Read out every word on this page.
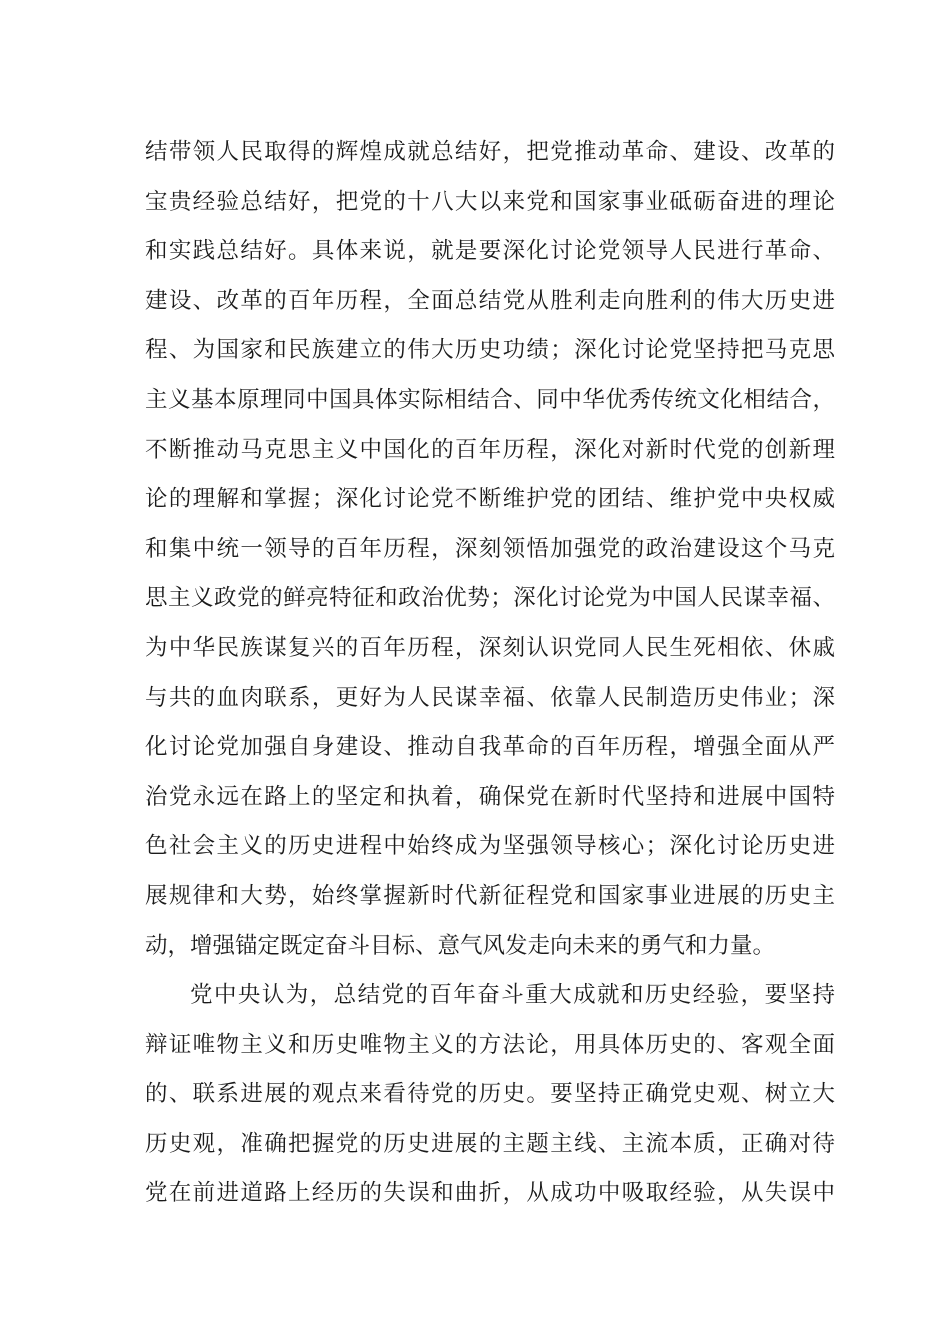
结带领人民取得的辉煌成就总结好，把党推动革命、建设、改革的
宝贵经验总结好，把党的十八大以来党和国家事业砥砺奋进的理论
和实践总结好。具体来说，就是要深化讨论党领导人民进行革命、
建设、改革的百年历程，全面总结党从胜利走向胜利的伟大历史进
程、为国家和民族建立的伟大历史功绩；深化讨论党坚持把马克思
主义基本原理同中国具体实际相结合、同中华优秀传统文化相结合，
不断推动马克思主义中国化的百年历程，深化对新时代党的创新理
论的理解和掌握；深化讨论党不断维护党的团结、维护党中央权威
和集中统一领导的百年历程，深刻领悟加强党的政治建设这个马克
思主义政党的鲜亮特征和政治优势；深化讨论党为中国人民谋幸福、
为中华民族谋复兴的百年历程，深刻认识党同人民生死相依、休戚
与共的血肉联系，更好为人民谋幸福、依靠人民制造历史伟业；深
化讨论党加强自身建设、推动自我革命的百年历程，增强全面从严
治党永远在路上的坚定和执着，确保党在新时代坚持和进展中国特
色社会主义的历史进程中始终成为坚强领导核心；深化讨论历史进
展规律和大势，始终掌握新时代新征程党和国家事业进展的历史主
动，增强锚定既定奋斗目标、意气风发走向未来的勇气和力量。
党中央认为，总结党的百年奋斗重大成就和历史经验，要坚持
辩证唯物主义和历史唯物主义的方法论，用具体历史的、客观全面
的、联系进展的观点来看待党的历史。要坚持正确党史观、树立大
历史观，准确把握党的历史进展的主题主线、主流本质，正确对待
党在前进道路上经历的失误和曲折，从成功中吸取经验，从失误中
